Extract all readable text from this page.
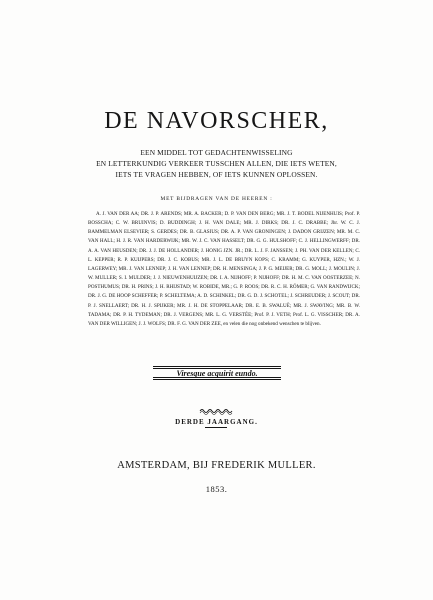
DE NAVORSCHER,
EEN MIDDEL TOT GEDACHTENWISSELING
EN LETTERKUNDIG VERKEER TUSSCHEN ALLEN, DIE IETS WETEN,
IETS TE VRAGEN HEBBEN, OF IETS KUNNEN OPLOSSEN.
MET BIJDRAGEN VAN DE HEEREN :
A. J. VAN DER AA; DR. J. P. ARENDS; MR. A. BACKER; D. P. VAN DEN BERG; MR. J. T. BODEL NIJENHUIS; Prof. P. BOSSCHA; C. W. BRUINVIS; D. BUDDINGH; J. H. VAN DALE; MR. J. DIRKS; DR. J. C. DRABBE; Jhr. W. C. J. BAMMELMAN ELSEVIER; S. GERDES; DR. B. GLASIUS; DR. A. P. VAN GRONINGEN; J. DADON GRIJZEN; MR. M. C. VAN HALL; H. J. R. VAN HARDERWIJK; MR. W. J. C. VAN HASSELT; DR. G. G. HULSHOFF; C. J. HELLINGWERFF; DR. A. A. VAN HEUSDEN; DR. J. J. DE HOLLANDER; J. HONIG JZN. JR.; DR. L. J. F. JANSSEN; J. PH. VAN DER KELLEN; C. L. KEPPER; R. P. KUIJPERS; DR. J. C. KOBUS; MR. J. L. DE BRUYN KOPS; C. KRAMM; G. KUYPER, HZN.; W. J. LAGERWEY; MR. J. VAN LENNEP; J. H. VAN LENNEP; DR. H. MENSINGA; J. P. G. MEIJER; DR. G. MOLL; J. MOULIN; J. W. MULLER; S. I. MULDER; J. J. NIEUWENHUIJZEN; DR. I. A. NIJHOFF; P. NIJHOFF; DR. H. M. C. VAN OOSTERZEE; N. POSTHUMUS; DR. H. PRINS; J. H. RHIJSTAD; W. ROBIDE, MR.; G. P. ROOS; DR. R. C. H. RÖMER; G. VAN RANDWIJCK; DR. J. G. DE HOOP SCHEFFER; P. SCHELTEMA; A. D. SCHINKEL; DR. G. D. J. SCHOTEL; J. SCHREUDER; J. SCOUT; DR. P. J. SNELLAERT; DR. H. J. SPIJKER; MR. J. H. DE STOPPELAAR; DR. E. B. SWALUË; MR. J. SWAVING; MR. B. W. TADAMA; DR. P. H. TYDEMAN; DR. J. VERGENS; MR. L. G. VERSTÉE; Prof. P. J. VETH; Prof. L. G. VISSCHER; DR. A. VAN DER WILLIGEN; J. J. WOLFS; DR. F. G. VAN DER ZEE, en velen die nog onbekend wenschen te blijven.
Viresque acquirit eundo.
DERDE JAARGANG.
AMSTERDAM, BIJ FREDERIK MULLER.
1853.
